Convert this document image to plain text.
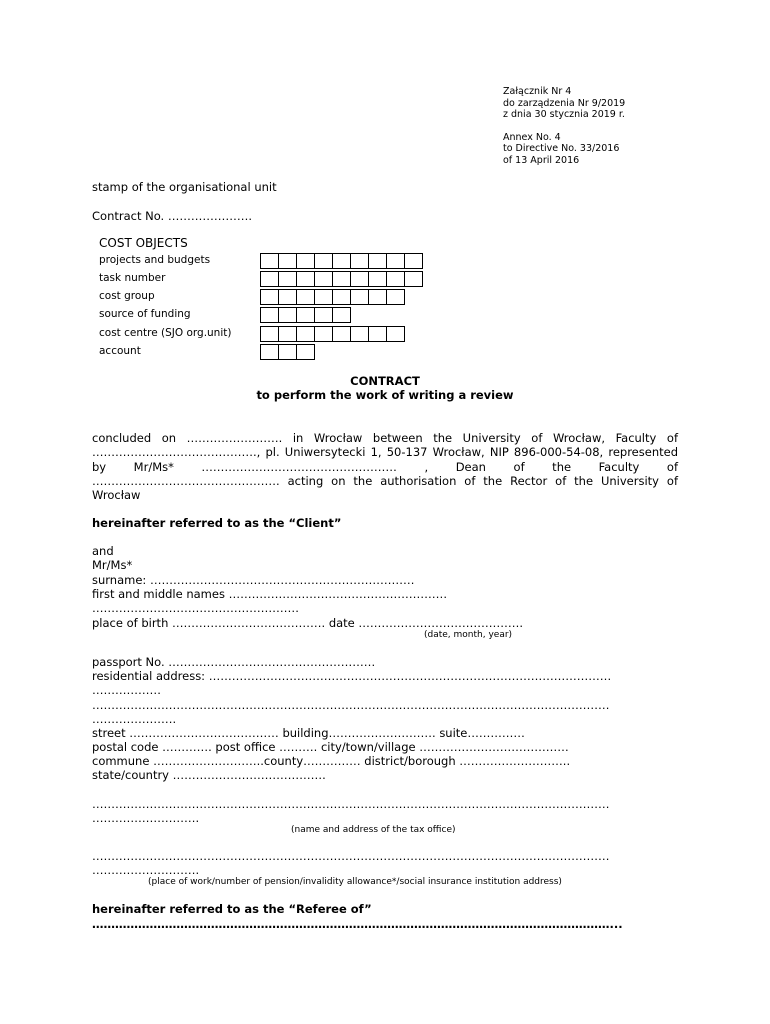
Załącznik Nr 4
do zarządzenia Nr 9/2019
z dnia 30 stycznia 2019 r.
Annex No. 4
to Directive No. 33/2016
of 13 April 2016
stamp of the organisational unit
Contract No. ………………….
COST OBJECTS
projects and budgets
task number
cost group
source of funding
cost centre (SJO org.unit)
account
CONTRACT
to perform the work of writing a review
concluded on ……………………. in Wrocław between the University of Wrocław, Faculty of ……………………………………., pl. Uniwersytecki 1, 50-137 Wrocław, NIP 896-000-54-08, represented by Mr/Ms* …………………………………………… , Dean of the Faculty of …………………………………………. acting on the authorisation of the Rector of the University of Wrocław
hereinafter referred to as the “Client”
and
Mr/Ms*
surname: ……………………………………………………………
first and middle names …………………………………………………
………………………………………………
place of birth …………………………………. date …………………………………….
(date, month, year)
passport No. ………………………………………………
residential address: ……………………………………………………………………………………………
………………
………………………………………………………………………………………………………………………
………………….
street ………………………………… building………………………. suite……………
postal code …………. post office ………. city/town/village …………………………………
commune ………………………..county…………… district/borough ………………………..
state/country ………………………………….
………………………………………………………………………………………………………………………
……………………….
(name and address of the tax office)
………………………………………………………………………………………………………………………
……………………….
(place of work/number of pension/invalidity allowance*/social insurance institution address)
hereinafter referred to as the “Referee of”
………………………………………………………………………………………………………………………...
